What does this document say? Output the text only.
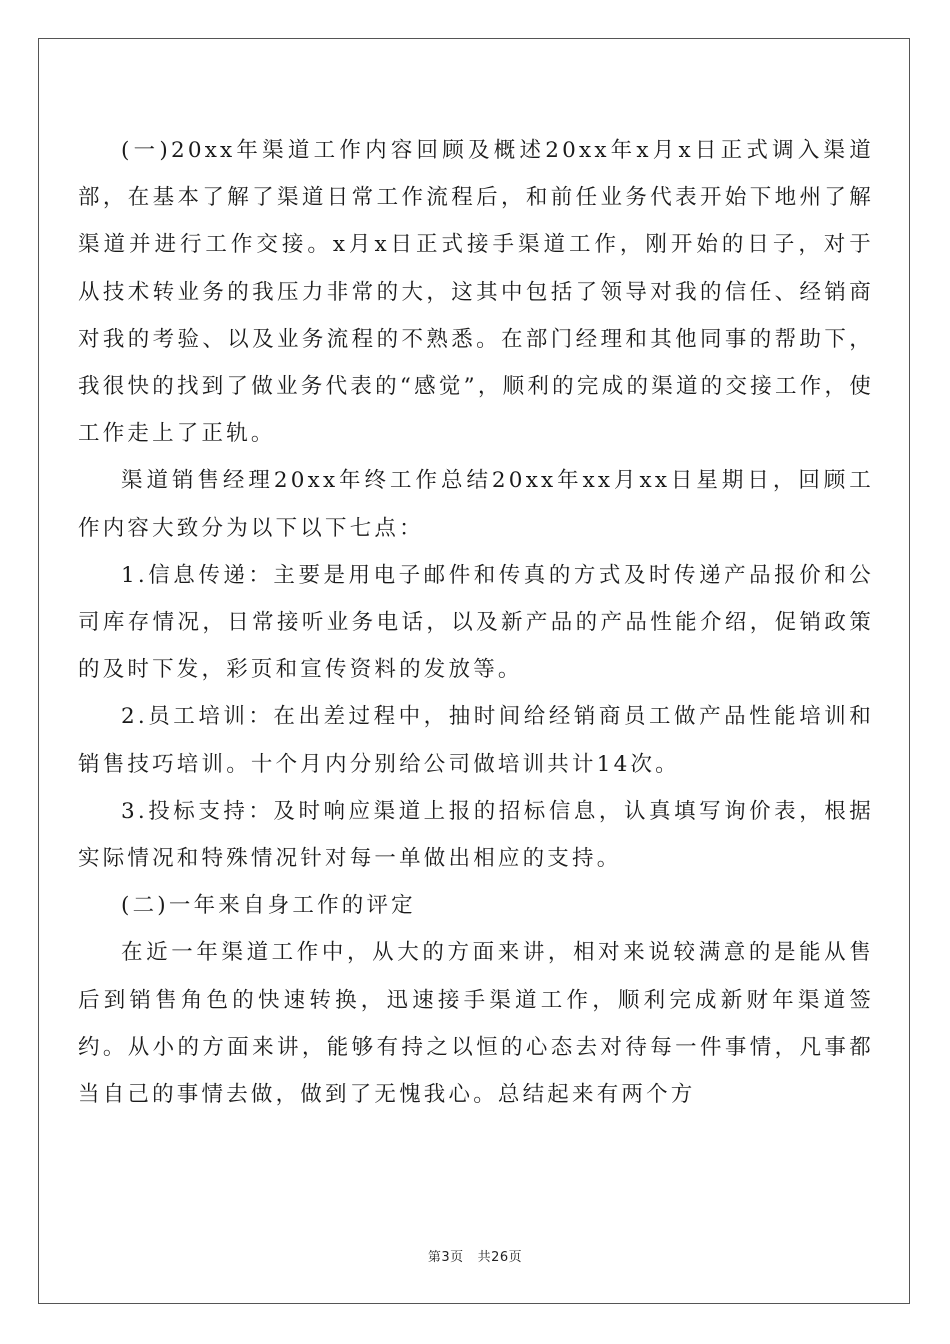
(一)20xx年渠道工作内容回顾及概述20xx年x月x日正式调入渠道部，在基本了解了渠道日常工作流程后，和前任业务代表开始下地州了解渠道并进行工作交接。x月x日正式接手渠道工作，刚开始的日子，对于从技术转业务的我压力非常的大，这其中包括了领导对我的信任、经销商对我的考验、以及业务流程的不熟悉。在部门经理和其他同事的帮助下，我很快的找到了做业务代表的“感觉”，顺利的完成的渠道的交接工作，使工作走上了正轨。

渠道销售经理20xx年终工作总结20xx年xx月xx日星期日，回顾工作内容大致分为以下以下七点：

1.信息传递：主要是用电子邮件和传真的方式及时传递产品报价和公司库存情况，日常接听业务电话，以及新产品的产品性能介绍，促销政策的及时下发，彩页和宣传资料的发放等。

2.员工培训：在出差过程中，抽时间给经销商员工做产品性能培训和销售技巧培训。十个月内分别给公司做培训共计14次。

3.投标支持：及时响应渠道上报的招标信息，认真填写询价表，根据实际情况和特殊情况针对每一单做出相应的支持。

(二)一年来自身工作的评定

在近一年渠道工作中，从大的方面来讲，相对来说较满意的是能从售后到销售角色的快速转换，迅速接手渠道工作，顺利完成新财年渠道签约。从小的方面来讲，能够有持之以恒的心态去对待每一件事情，凡事都当自己的事情去做，做到了无愧我心。总结起来有两个方

第3页 共26页
